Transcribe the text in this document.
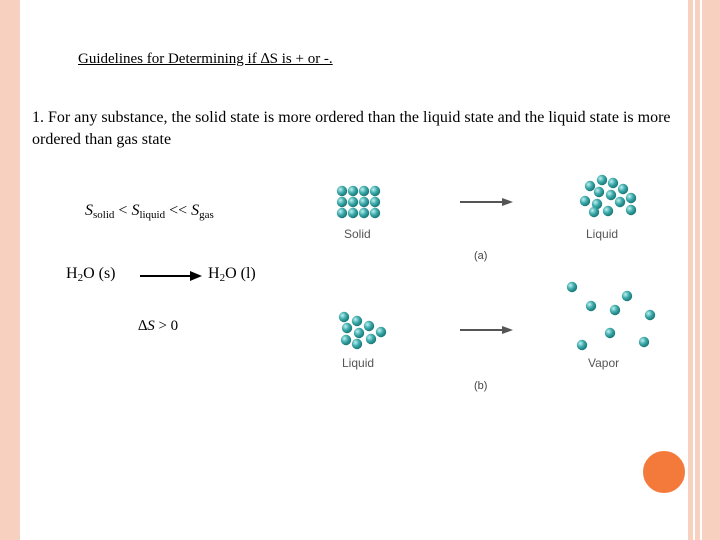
Guidelines for Determining if ∆S is + or -.
1. For any substance, the solid state is more ordered than the liquid state and the liquid state is more ordered than gas state
$S_{solid} < S_{liquid} << S_{gas}$
$H_2O$ $(s) \to H_2O$ (l)
∆S > 0
Solid	Liquid
(a)
Liquid	Vapor
(b)
